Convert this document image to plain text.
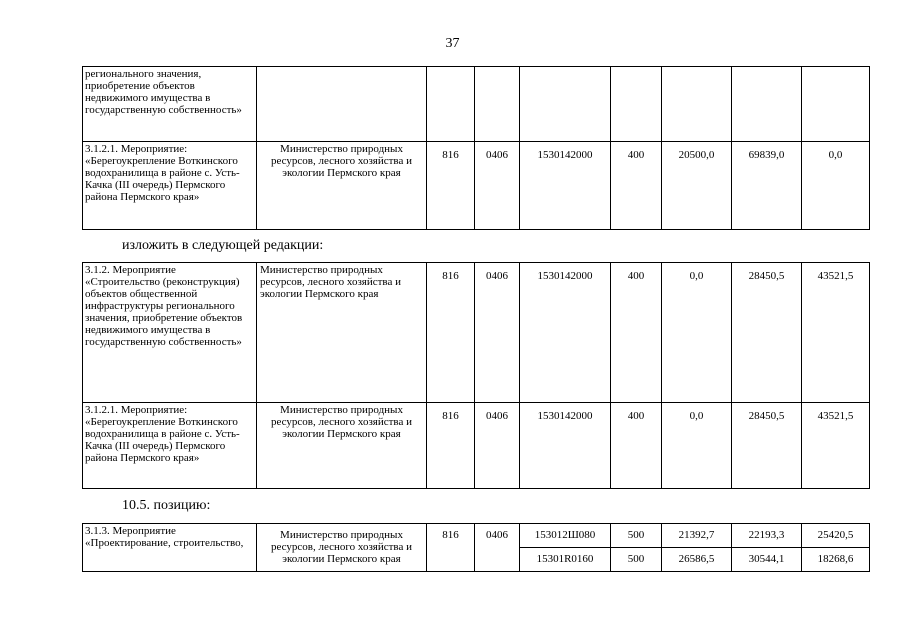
37
регионального значения, приобретение объектов недвижимого имущества в государственную собственность»								
3.1.2.1. Мероприятие: «Берегоукрепление Воткинского водохранилища в районе с. Усть-Качка (III очередь) Пермского района Пермского края»	Министерство природных ресурсов, лесного хозяйства и экологии Пермского края	816	0406	1530142000	400	20500,0	69839,0	0,0
изложить в следующей редакции:
3.1.2. Мероприятие «Строительство (реконструкция) объектов общественной инфраструктуры регионального значения, приобретение объектов недвижимого имущества в государственную собственность»	Министерство природных ресурсов, лесного хозяйства и экологии Пермского края	816	0406	1530142000	400	0,0	28450,5	43521,5
3.1.2.1. Мероприятие: «Берегоукрепление Воткинского водохранилища в районе с. Усть-Качка (III очередь) Пермского района Пермского края»	Министерство природных ресурсов, лесного хозяйства и экологии Пермского края	816	0406	1530142000	400	0,0	28450,5	43521,5
10.5. позицию:
3.1.3. Мероприятие «Проектирование, строительство,	Министерство природных ресурсов, лесного хозяйства и экологии Пермского края	816	0406	153012Ш080	500	21392,7	22193,3	25420,5
				15301R0160	500	26586,5	30544,1	18268,6
